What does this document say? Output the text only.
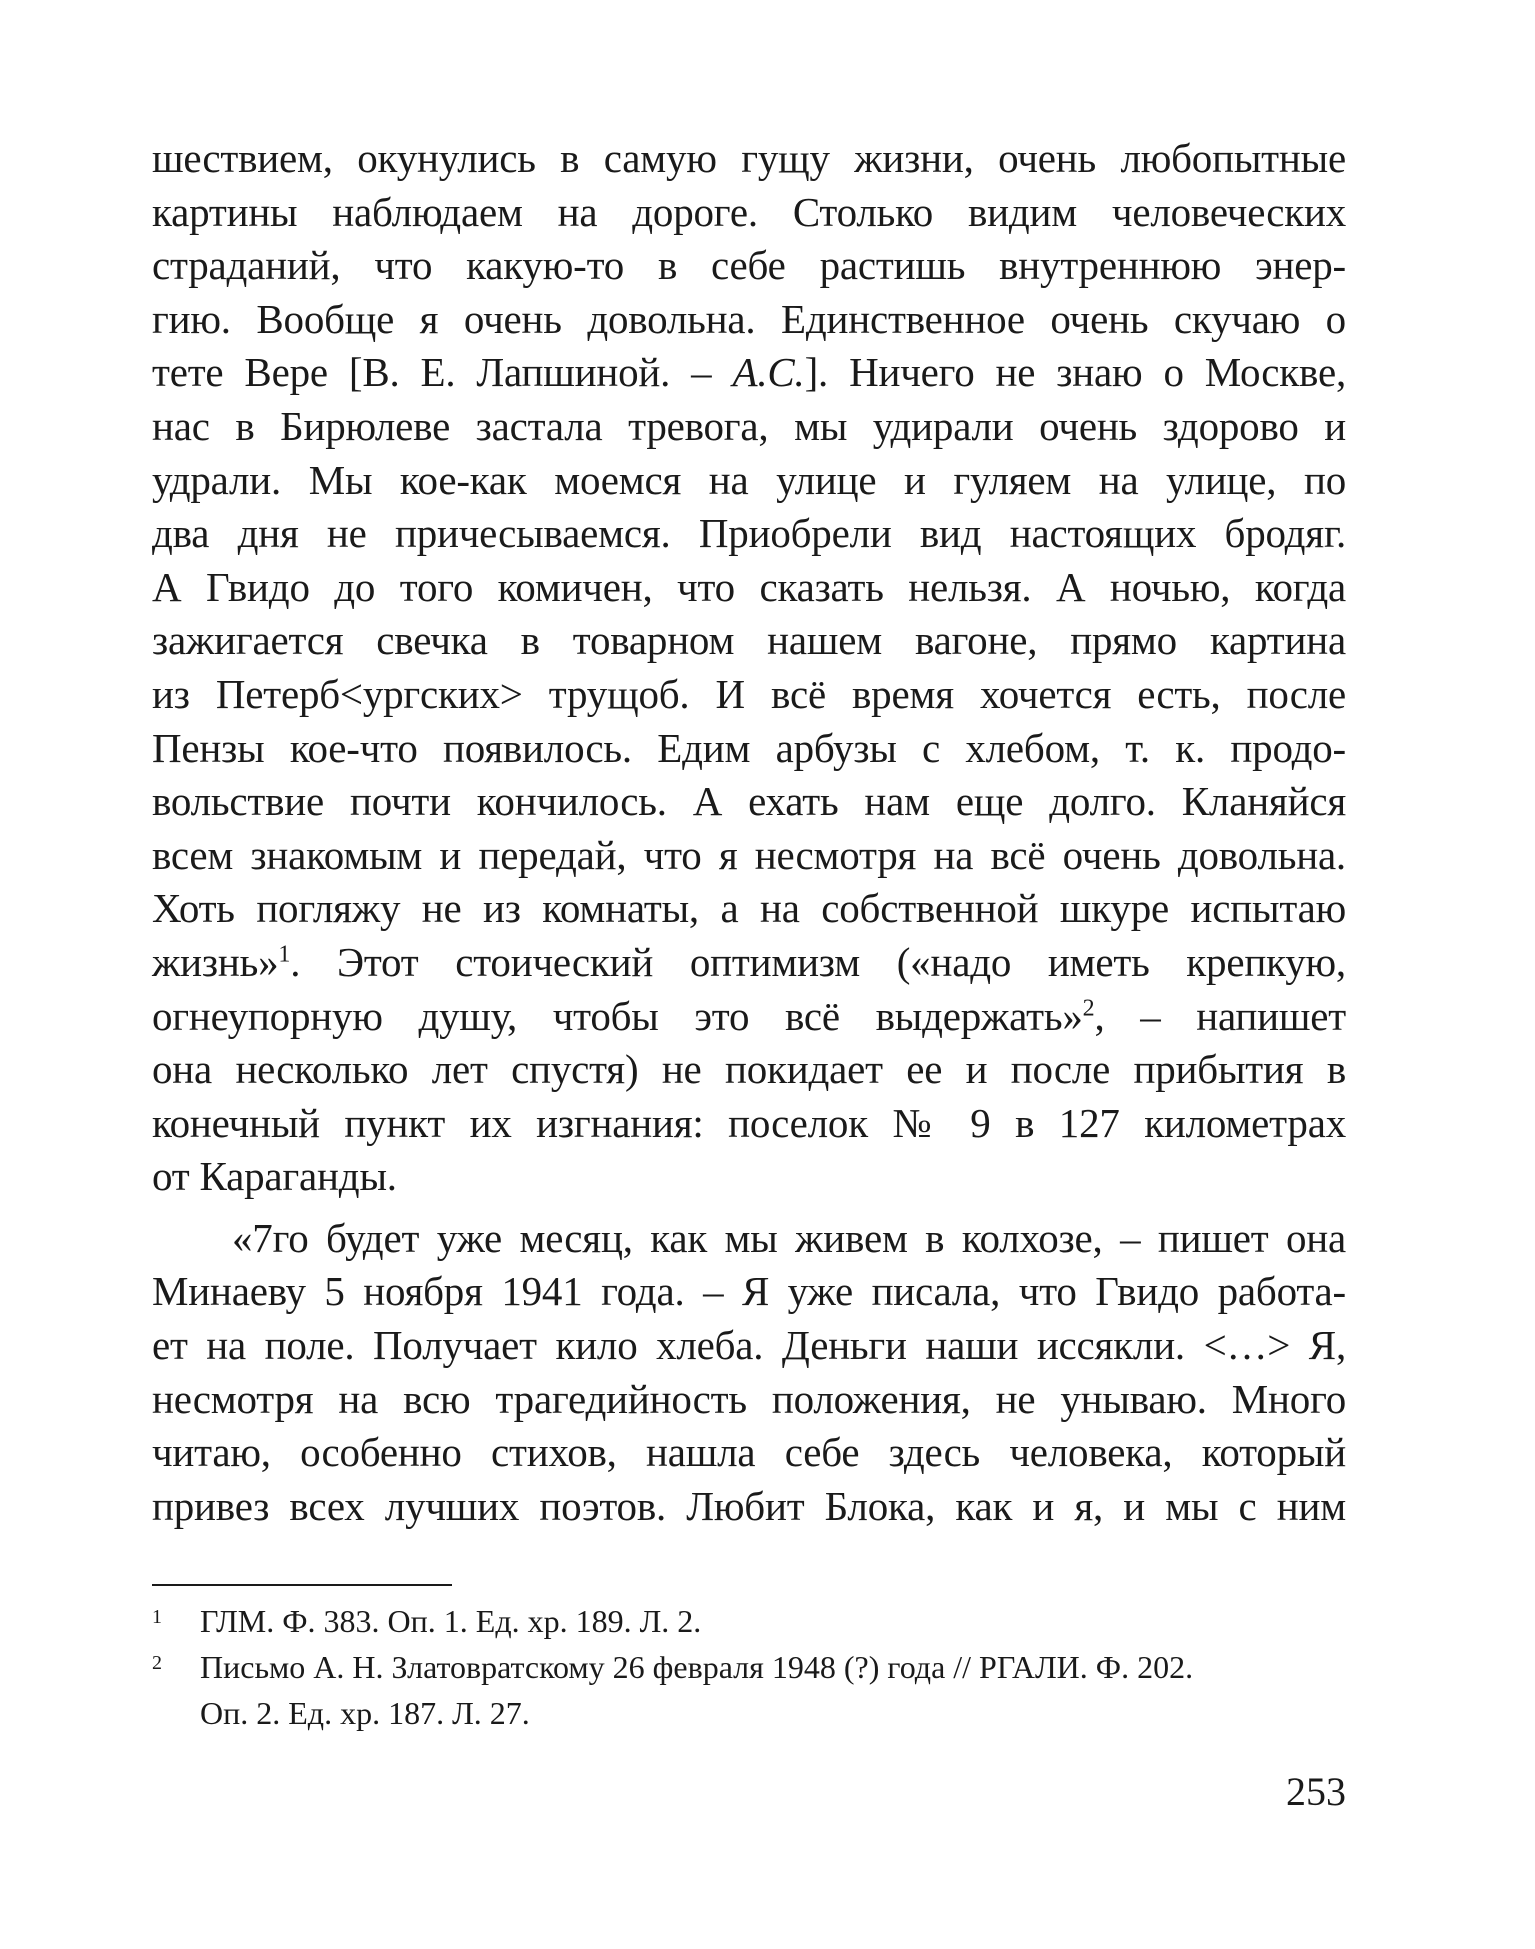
шествием, окунулись в самую гущу жизни, очень любопытные
картины наблюдаем на дороге. Столько видим человеческих
страданий, что какую-то в себе растишь внутреннюю энер-
гию. Вообще я очень довольна. Единственное очень скучаю о
тете Вере [В. Е. Лапшиной. – А.С.]. Ничего не знаю о Москве,
нас в Бирюлеве застала тревога, мы удирали очень здорово и
удрали. Мы кое-как моемся на улице и гуляем на улице, по
два дня не причесываемся. Приобрели вид настоящих бродяг.
А Гвидо до того комичен, что сказать нельзя. А ночью, когда
зажигается свечка в товарном нашем вагоне, прямо картина
из Петерб<ургских> трущоб. И всё время хочется есть, после
Пензы кое-что появилось. Едим арбузы с хлебом, т. к. продо-
вольствие почти кончилось. А ехать нам еще долго. Кланяйся
всем знакомым и передай, что я несмотря на всё очень довольна.
Хоть погляжу не из комнаты, а на собственной шкуре испытаю
жизнь»$^1$. Этот стоический оптимизм («надо иметь крепкую,
огнеупорную душу, чтобы это всё выдержать»$^2$, – напишет
она несколько лет спустя) не покидает ее и после прибытия в
конечный пункт их изгнания: поселок № 9 в 127 километрах
от Караганды.
«7го будет уже месяц, как мы живем в колхозе, – пишет она
Минаеву 5 ноября 1941 года. – Я уже писала, что Гвидо работа-
ет на поле. Получает кило хлеба. Деньги наши иссякли. <…> Я,
несмотря на всю трагедийность положения, не унываю. Много
читаю, особенно стихов, нашла себе здесь человека, который
привез всех лучших поэтов. Любит Блока, как и я, и мы с ним
1 ГЛМ. Ф. 383. Оп. 1. Ед. хр. 189. Л. 2.
2 Письмо А. Н. Златовратскому 26 февраля 1948 (?) года // РГАЛИ. Ф. 202.
Оп. 2. Ед. хр. 187. Л. 27.
253
